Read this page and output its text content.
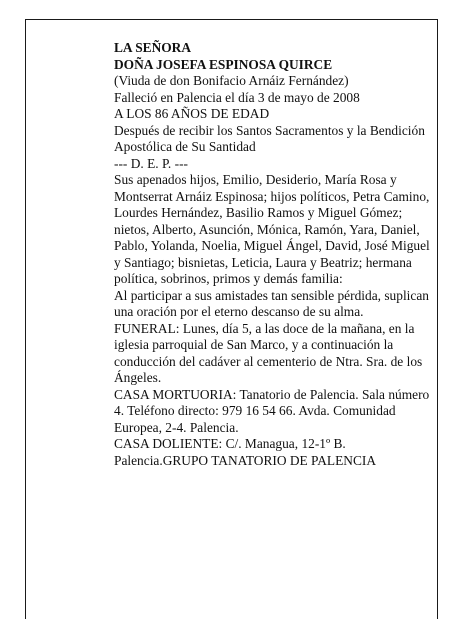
LA SEÑORA

DOÑA JOSEFA ESPINOSA QUIRCE

(Viuda de don Bonifacio Arnáiz Fernández)

Falleció en Palencia el día 3 de mayo de 2008

A LOS 86 AÑOS DE EDAD

Después de recibir los Santos Sacramentos y la Bendición Apostólica de Su Santidad

--- D. E. P. ---

Sus apenados hijos, Emilio, Desiderio, María Rosa y Montserrat Arnáiz Espinosa; hijos políticos, Petra Camino, Lourdes Hernández, Basilio Ramos y Miguel Gómez; nietos, Alberto, Asunción, Mónica, Ramón, Yara, Daniel, Pablo, Yolanda, Noelia, Miguel Ángel, David, José Miguel y Santiago; bisnietas, Leticia, Laura y Beatriz; hermana política, sobrinos, primos y demás familia:

Al participar a sus amistades tan sensible pérdida, suplican una oración por el eterno descanso de su alma.

FUNERAL: Lunes, día 5, a las doce de la mañana, en la iglesia parroquial de San Marco, y a continuación la conducción del cadáver al cementerio de Ntra. Sra. de los Ángeles.

CASA MORTUORIA: Tanatorio de Palencia. Sala número 4. Teléfono directo: 979 16 54 66. Avda. Comunidad Europea, 2-4. Palencia.

CASA DOLIENTE: C/. Managua, 12-1º B. Palencia.GRUPO TANATORIO DE PALENCIA
